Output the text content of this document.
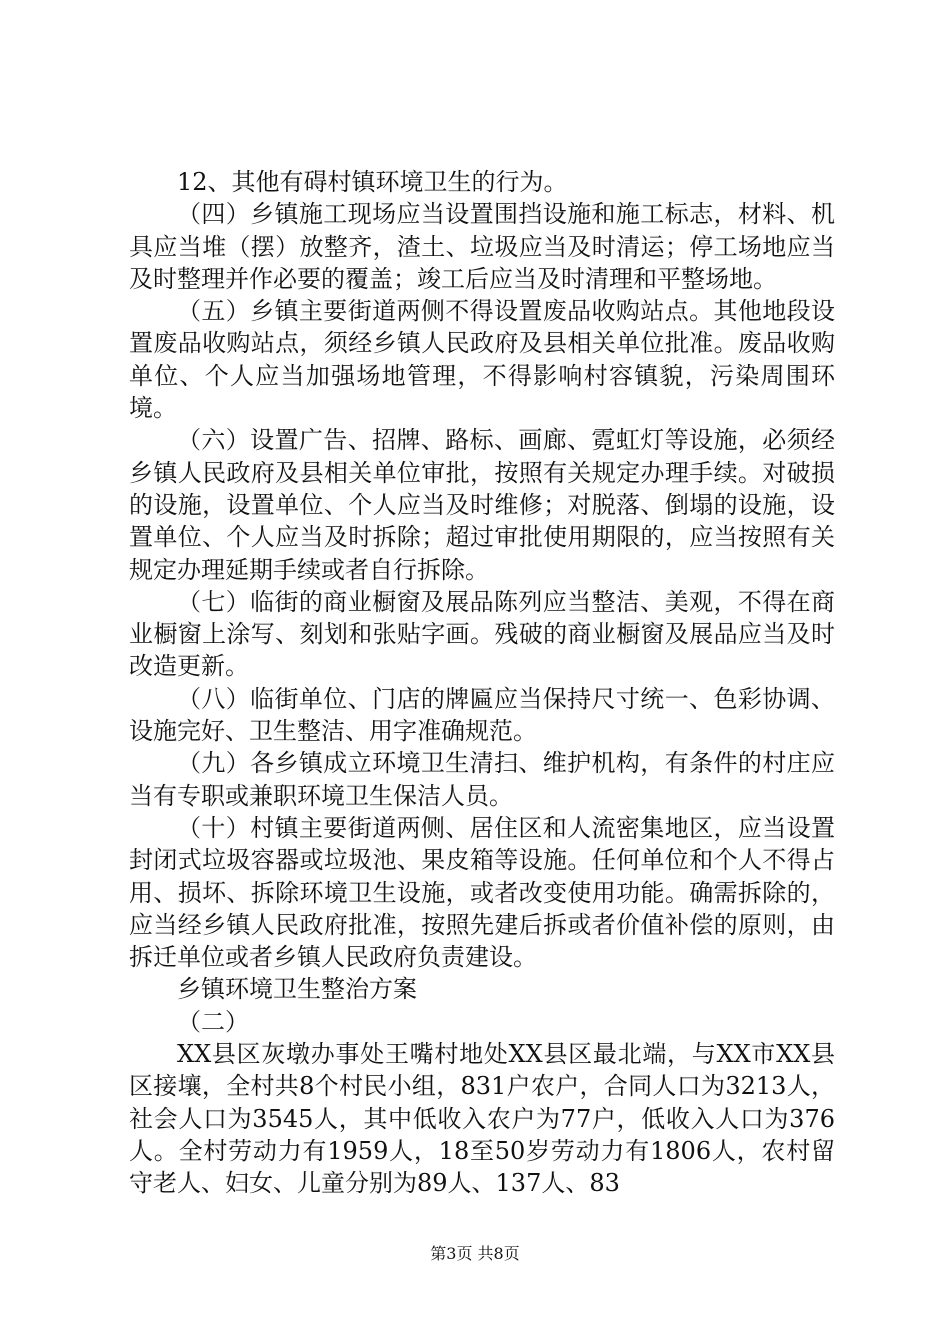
12、其他有碍村镇环境卫生的行为。

（四）乡镇施工现场应当设置围挡设施和施工标志，材料、机具应当堆（摆）放整齐，渣土、垃圾应当及时清运；停工场地应当及时整理并作必要的覆盖；竣工后应当及时清理和平整场地。

（五）乡镇主要街道两侧不得设置废品收购站点。其他地段设置废品收购站点，须经乡镇人民政府及县相关单位批准。废品收购单位、个人应当加强场地管理，不得影响村容镇貌，污染周围环境。

（六）设置广告、招牌、路标、画廊、霓虹灯等设施，必须经乡镇人民政府及县相关单位审批，按照有关规定办理手续。对破损的设施，设置单位、个人应当及时维修；对脱落、倒塌的设施，设置单位、个人应当及时拆除；超过审批使用期限的，应当按照有关规定办理延期手续或者自行拆除。

（七）临街的商业橱窗及展品陈列应当整洁、美观，不得在商业橱窗上涂写、刻划和张贴字画。残破的商业橱窗及展品应当及时改造更新。

（八）临街单位、门店的牌匾应当保持尺寸统一、色彩协调、设施完好、卫生整洁、用字准确规范。

（九）各乡镇成立环境卫生清扫、维护机构，有条件的村庄应当有专职或兼职环境卫生保洁人员。

（十）村镇主要街道两侧、居住区和人流密集地区，应当设置封闭式垃圾容器或垃圾池、果皮箱等设施。任何单位和个人不得占用、损坏、拆除环境卫生设施，或者改变使用功能。确需拆除的，应当经乡镇人民政府批准，按照先建后拆或者价值补偿的原则，由拆迁单位或者乡镇人民政府负责建设。

乡镇环境卫生整治方案

（二）

XX县区灰墩办事处王嘴村地处XX县区最北端，与XX市XX县区接壤，全村共8个村民小组，831户农户，合同人口为3213人，社会人口为3545人，其中低收入农户为77户，低收入人口为376人。全村劳动力有1959人，18至50岁劳动力有1806人，农村留守老人、妇女、儿童分别为89人、137人、83

第3页 共8页
